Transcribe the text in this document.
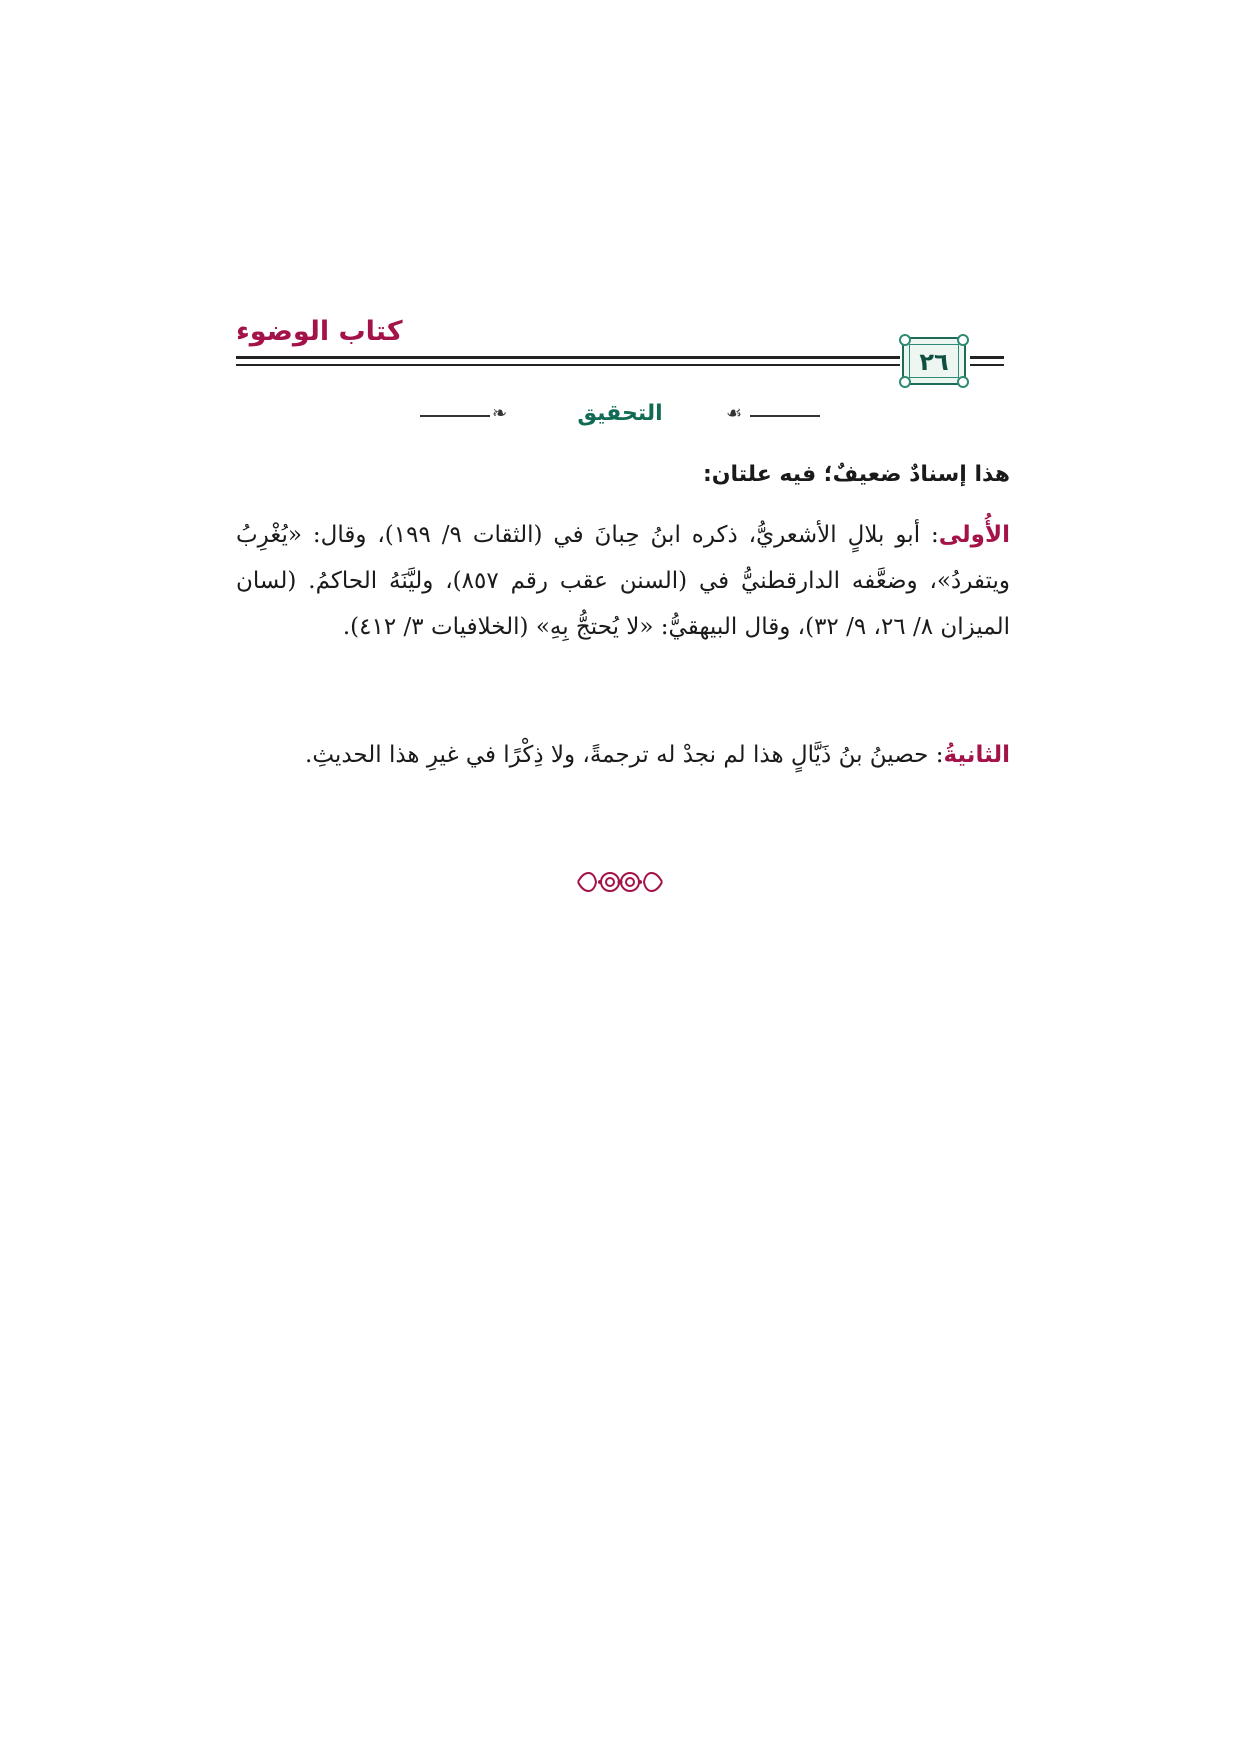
كتاب الوضوء
٢٦
❧	التحقيق	☙
هذا إسنادٌ ضعيفٌ؛ فيه علتان:
الأُولى: أبو بلالٍ الأشعريُّ، ذكره ابنُ حِبانَ في (الثقات ٩/ ١٩٩)، وقال: «يُغْرِبُ ويتفردُ»، وضعَّفه الدارقطنيُّ في (السنن عقب رقم ٨٥٧)، وليَّنَهُ الحاكمُ. (لسان الميزان ٨/ ٢٦، ٩/ ٣٢)، وقال البيهقيُّ: «لا يُحتجُّ بِهِ» (الخلافيات ٣/ ٤١٢).
الثانيةُ: حصينُ بنُ ذَيَّالٍ هذا لم نجدْ له ترجمةً، ولا ذِكْرًا في غيرِ هذا الحديثِ.
